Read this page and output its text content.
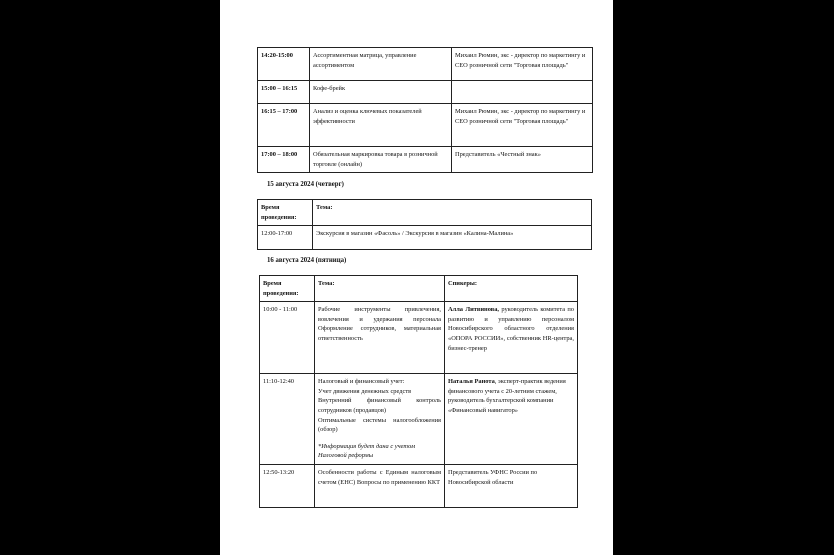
14:20-15:00	Ассортиментная матрица, управление ассортиментом	Михаил Рюмин, экс - директор по маркетингу и CEO розничной сети "Торговая площадь"
15:00 – 16:15	Кофе-брейк	
16:15 – 17:00	Анализ и оценка ключевых показателей эффективности	Михаил Рюмин, экс - директор по маркетингу и CEO розничной сети "Торговая площадь"
17:00 – 18:00	Обязательная маркировка товара в розничной торговле (онлайн)	Представитель «Честный знак»
15 августа 2024 (четверг)
Время проведения:	Тема:
12:00-17:00	Экскурсия в магазин «Фасоль» / Экскурсия в магазин «Калина-Малина»
16 августа 2024 (пятница)
Время проведения:	Тема:	Спикеры:
10:00 - 11:00	Рабочие инструменты привлечения, вовлечения и удержания персонала Оформление сотрудников, материальная ответственность	Алла Литвинова, руководитель комитета по развитию и управлению персоналом Новосибирского областного отделения «ОПОРА РОССИИ», собственник HR-центра, бизнес-тренер
11:10-12:40	Налоговый и финансовый учет:
Учет движения денежных средств
Внутренний финансовый контроль сотрудников (продавцов)
Оптимальные системы налогообложения (обзор)
*Информация будет дана с учетом Налоговой реформы	Наталья Ранота, эксперт-практик ведения финансового учета с 20-летним стажем, руководитель бухгалтерской компании «Финансовый навигатор»
12:50-13:20	Особенности работы с Единым налоговым счетом (ЕНС) Вопросы по применению ККТ	Представитель УФНС России по Новосибирской области
